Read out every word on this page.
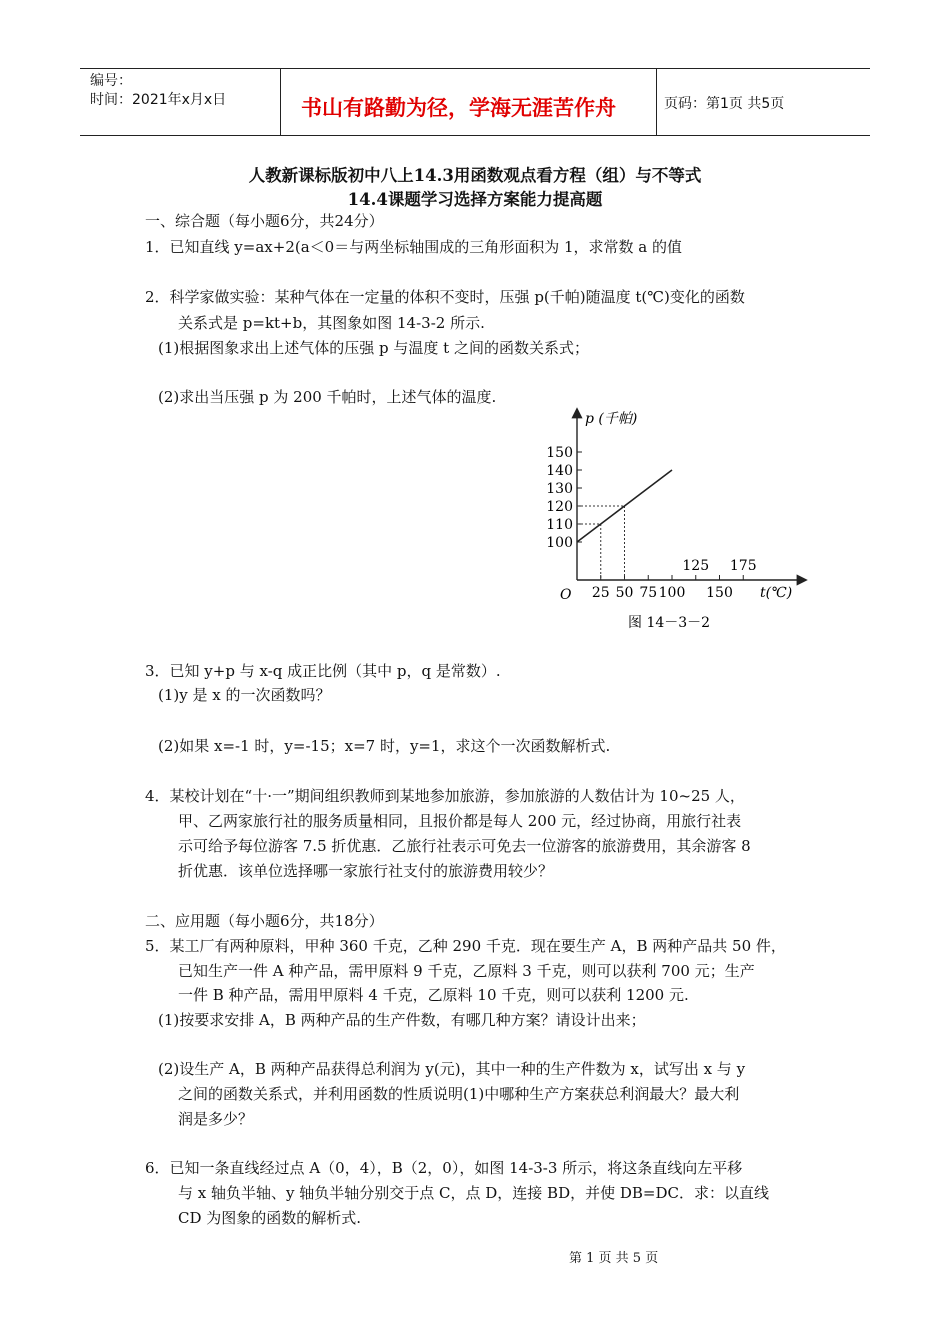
编号：
时间：2021年x月x日	书山有路勤为径，学海无涯苦作舟	页码：第1页 共5页
人教新课标版初中八上14.3用函数观点看方程（组）与不等式
14.4课题学习选择方案能力提高题
一、综合题（每小题6分，共24分）
1．已知直线 y=ax+2(a＜0＝与两坐标轴围成的三角形面积为 1，求常数 a 的值
2．科学家做实验：某种气体在一定量的体积不变时，压强 p(千帕)随温度 t(℃)变化的函数
关系式是 p=kt+b，其图象如图 14-3-2 所示.
(1)根据图象求出上述气体的压强 p 与温度 t 之间的函数关系式；
(2)求出当压强 p 为 200 千帕时，上述气体的温度.
p (千帕)
t(℃)
O
100
110
120
130
140
150
25 50 75 100
125
150
175
图 14－3－2
3．已知 y+p 与 x-q 成正比例（其中 p，q 是常数）.
(1)y 是 x 的一次函数吗？
(2)如果 x=-1 时，y=-15；x=7 时，y=1，求这个一次函数解析式.
4．某校计划在“十·一”期间组织教师到某地参加旅游，参加旅游的人数估计为 10~25 人，
甲、乙两家旅行社的服务质量相同，且报价都是每人 200 元，经过协商，用旅行社表
示可给予每位游客 7.5 折优惠．乙旅行社表示可免去一位游客的旅游费用，其余游客 8
折优惠．该单位选择哪一家旅行社支付的旅游费用较少？
二、应用题（每小题6分，共18分）
5．某工厂有两种原料，甲种 360 千克，乙种 290 千克．现在要生产 A，B 两种产品共 50 件，
已知生产一件 A 种产品，需甲原料 9 千克，乙原料 3 千克，则可以获利 700 元；生产
一件 B 种产品，需用甲原料 4 千克，乙原料 10 千克，则可以获利 1200 元.
(1)按要求安排 A，B 两种产品的生产件数，有哪几种方案？请设计出来；
(2)设生产 A，B 两种产品获得总利润为 y(元)，其中一种的生产件数为 x，试写出 x 与 y
之间的函数关系式，并利用函数的性质说明(1)中哪种生产方案获总利润最大？最大利
润是多少？
6．已知一条直线经过点 A（0，4），B（2，0），如图 14-3-3 所示，将这条直线向左平移
与 x 轴负半轴、y 轴负半轴分别交于点 C，点 D，连接 BD，并使 DB=DC．求：以直线
CD 为图象的函数的解析式.
第 1 页 共 5 页
